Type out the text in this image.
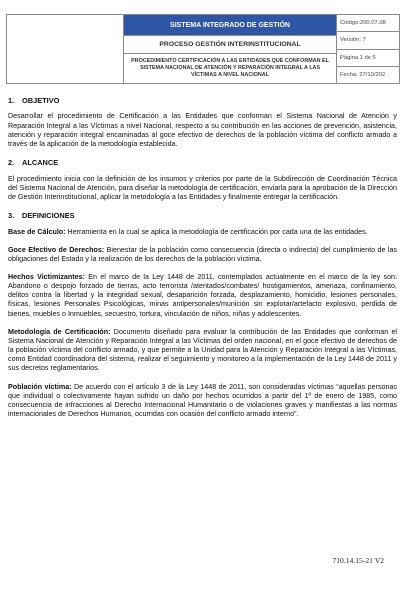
SISTEMA INTEGRADO DE GESTIÓN
PROCESO GESTIÓN INTERINSTITUCIONAL
PROCEDIMIENTO CERTIFICACIÓN A LAS ENTIDADES QUE CONFORMAN EL SISTEMA NACIONAL DE ATENCIÓN Y REPARACIÓN INTEGRAL A LAS VÍCTIMAS A NIVEL NACIONAL
Código:200.07.08
Versión: 7
Página 1 de 5
Fecha: 27/10/202
1. OBJETIVO

Desarrollar el procedimiento de Certificación a las Entidades que conforman el Sistema Nacional de Atención y Reparación Integral a las Víctimas a nivel Nacional, respecto a su contribución en las acciones de prevención, asistencia, atención y reparación integral encaminadas al goce efectivo de derechos de la población víctima del conflicto armado a través de la aplicación de la metodología establecida.

2. ALCANCE

El procedimiento inicia con la definición de los insumos y criterios por parte de la Subdirección de Coordinación Técnica del Sistema Nacional de Atención, para diseñar la metodología de certificación, enviarla para la aprobación de la Dirección de Gestión Interinstitucional, aplicar la metodología a las Entidades y finalmente entregar la certificación.

3. DEFINICIONES

Base de Cálculo: Herramienta en la cual se aplica la metodología de certificación por cada una de las entidades.

Goce Efectivo de Derechos: Bienestar de la población como consecuencia (directa o indirecta) del cumplimiento de las obligaciones del Estado y la realización de los derechos de la población víctima.

Hechos Victimizantes: En el marco de la Ley 1448 de 2011, contemplados actualmente en el marco de la ley son: Abandono o despojo forzado de tierras, acto terrorista /atentados/combates/ hostigamientos, amenaza, confinamiento, delitos contra la libertad y la integridad sexual, desaparición forzada, desplazamiento, homicidio, lesiones personales, físicas, lesiones Personales Psicológicas, minas antipersonales/munición sin explotar/artefacto explosivo, perdida de bienes, muebles o Inmuebles, secuestro, tortura, vinculación de niños, niñas y adolescentes.

Metodología de Certificación: Documento diseñado para evaluar la contribución de las Entidades que conforman el Sistema Nacional de Atención y Reparación Integral a las Víctimas del orden nacional, en el goce efectivo de derechos de la población víctima del conflicto armado, y que permite a la Unidad para la Atención y Reparación Integral a las Víctimas, como Entidad coordinadora del sistema, realizar el seguimiento y monitoreo a la implementación de la Ley 1448 de 2011 y sus decretos reglamentarios.

Población víctima: De acuerdo con el artículo 3 de la Ley 1448 de 2011, son consideradas víctimas “aquellas personas que individual o colectivamente hayan sufrido un daño por hechos ocurridos a partir del 1º de enero de 1985, como consecuencia de infracciones al Derecho Internacional Humanitario o de violaciones graves y manifiestas a las normas internacionales de Derechos Humanos, ocurridas con ocasión del conflicto armado interno”.

710.14.15-21 V2
